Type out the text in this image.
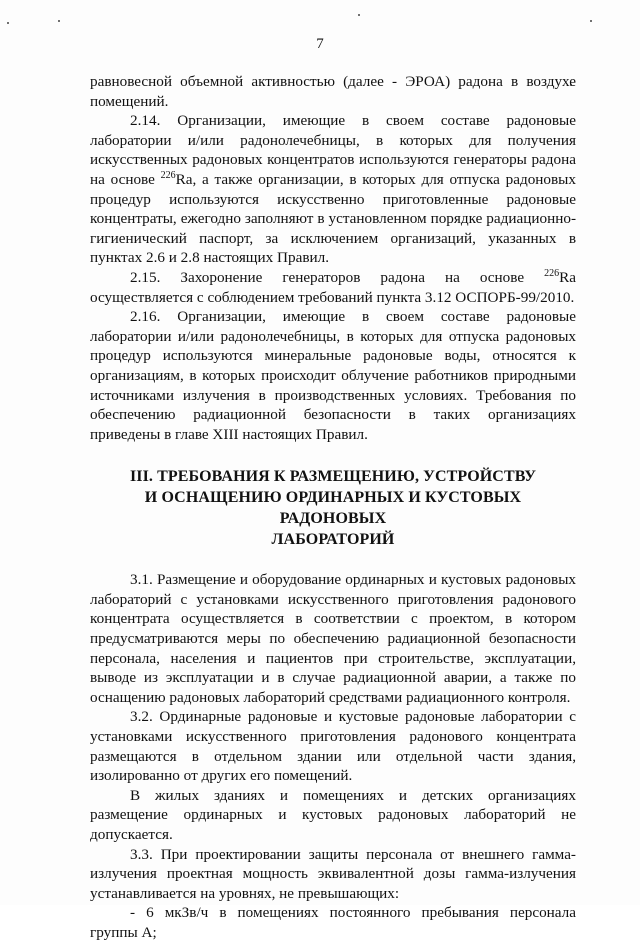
7

равновесной объемной активностью (далее - ЭРОА) радона в воздухе помещений.

2.14. Организации, имеющие в своем составе радоновые лаборатории и/или радонолечебницы, в которых для получения искусственных радоновых концентратов используются генераторы радона на основе $^{226}$Ra, а также организации, в которых для отпуска радоновых процедур используются искусственно приготовленные радоновые концентраты, ежегодно заполняют в установленном порядке радиационно-гигиенический паспорт, за исключением организаций, указанных в пунктах 2.6 и 2.8 настоящих Правил.

2.15. Захоронение генераторов радона на основе $^{226}$Ra осуществляется с соблюдением требований пункта 3.12 ОСПОРБ-99/2010.

2.16. Организации, имеющие в своем составе радоновые лаборатории и/или радонолечебницы, в которых для отпуска радоновых процедур используются минеральные радоновые воды, относятся к организациям, в которых происходит облучение работников природными источниками излучения в производственных условиях. Требования по обеспечению радиационной безопасности в таких организациях приведены в главе XIII настоящих Правил.

III. ТРЕБОВАНИЯ К РАЗМЕЩЕНИЮ, УСТРОЙСТВУ
И ОСНАЩЕНИЮ ОРДИНАРНЫХ И КУСТОВЫХ РАДОНОВЫХ
ЛАБОРАТОРИЙ

3.1. Размещение и оборудование ординарных и кустовых радоновых лабораторий с установками искусственного приготовления радонового концентрата осуществляется в соответствии с проектом, в котором предусматриваются меры по обеспечению радиационной безопасности персонала, населения и пациентов при строительстве, эксплуатации, выводе из эксплуатации и в случае радиационной аварии, а также по оснащению радоновых лабораторий средствами радиационного контроля.

3.2. Ординарные радоновые и кустовые радоновые лаборатории с установками искусственного приготовления радонового концентрата размещаются в отдельном здании или отдельной части здания, изолированно от других его помещений.

В жилых зданиях и помещениях и детских организациях размещение ординарных и кустовых радоновых лабораторий не допускается.

3.3. При проектировании защиты персонала от внешнего гамма-излучения проектная мощность эквивалентной дозы гамма-излучения устанавливается на уровнях, не превышающих:

- 6 мкЗв/ч в помещениях постоянного пребывания персонала группы А;
